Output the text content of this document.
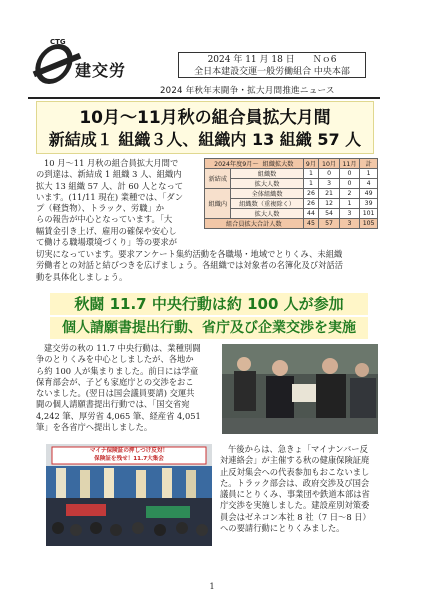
CTG
建交労
2024 年 11 月 18 日　　Ｎｏ6
全日本建設交運一般労働組合 中央本部
2024 年秋年末闘争・拡大月間推進ニュース
10月～11月秋の組合員拡大月間
新結成１ 組織３人、組織内 13 組織 57 人
10 月～11 月秋の組合員拡大月間で
の到達は、新結成 1 組織 3 人、組織内
拡大 13 組織 57 人、計 60 人となって
います。(11/11 現在) 業種では、「ダン
プ（軽貨物）、トラック、労職」か
らの報告が中心となっています。「大
幅賃金引き上げ、雇用の確保や安心し
て働ける職場環境づくり」等の要求が
切実になっています。要求アンケート集約活動を各職場・地域でとりくみ、未組織
労働者との対話と結びつきを広げましょう。各組織では対象者の名簿化及び対話活
動を具体化しましょう。
2024年度9月～ 組織拡大数		9月	10月	11月	計
新結成	組織数	1	0	0	1
	拡大人数	1	3	0	4
組織内	全体組織数	26	21	2	49
	組織数（重複除く）	26	12	1	39
	拡大人数	44	54	3	101
組合員拡大合計人数		45	57	3	105
秋闘 11.7 中央行動は約 100 人が参加
個人請願書提出行動、省庁及び企業交渉を実施
建交労の秋の 11.7 中央行動は、業種別闘
争のとりくみを中心としましたが、各地か
ら約 100 人が集まりました。前日には学童
保育部会が、子ども家庭庁との交渉をおこ
ないました。(翌日は国会議員要請) 交運共
闘の個人請願書提出行動では、「国交省宛
4,242 筆、厚労省 4,065 筆、経産省 4,051
筆」を各省庁へ提出しました。
マイナ保険証の押しつけ反対！
保険証を残せ！11.7大集会
午後からは、急きょ「マイナンバー反
対連絡会」が主催する秋の健康保険証廃
止反対集会への代表参加もおこないまし
た。トラック部会は、政府交渉及び国会
議員にとりくみ、事業団や鉄道本部は省
庁交渉を実施しました。建設産別対策委
員会はゼネコン本社 8 社（7 日～8 日）
への要請行動にとりくみました。
1
